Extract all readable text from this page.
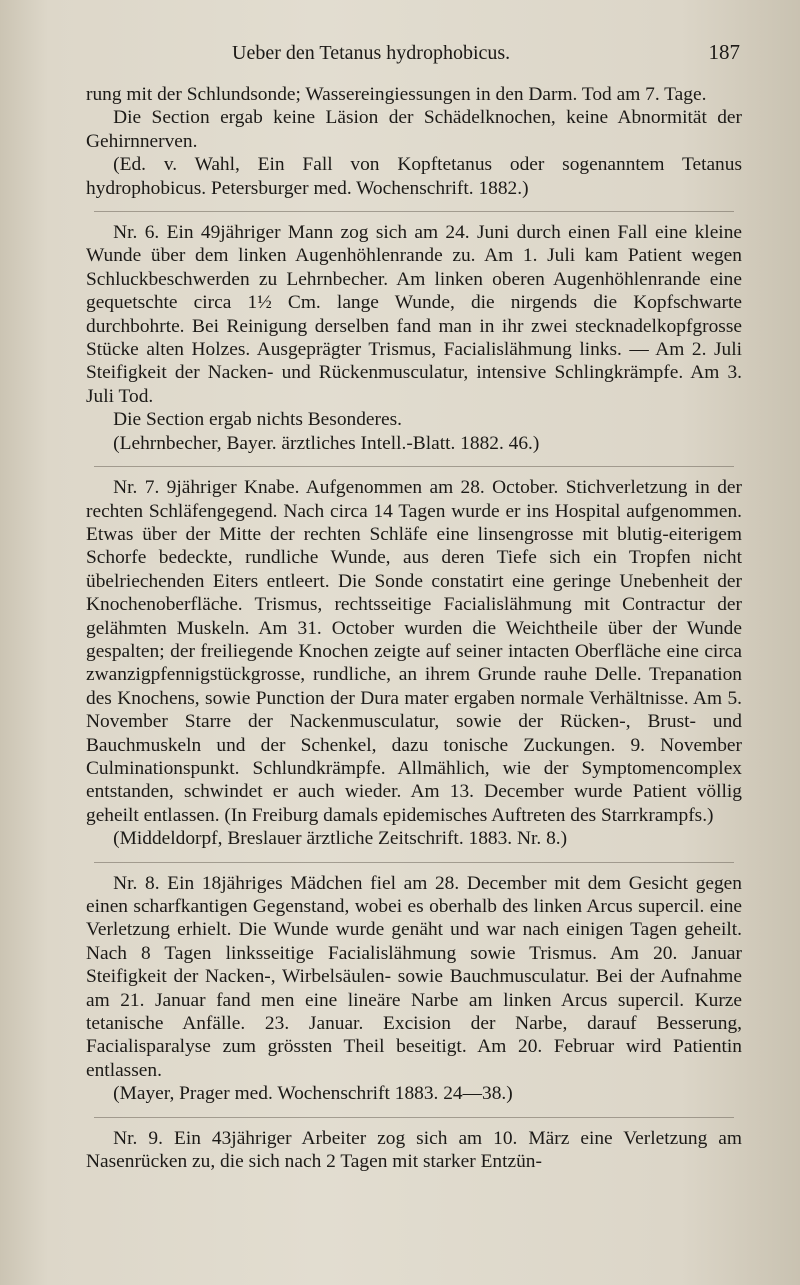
Ueber den Tetanus hydrophobicus.	187

rung mit der Schlundsonde; Wassereingiessungen in den Darm. Tod am 7. Tage.

Die Section ergab keine Läsion der Schädelknochen, keine Abnormität der Gehirnnerven.

(Ed. v. Wahl, Ein Fall von Kopftetanus oder sogenanntem Tetanus hydrophobicus. Petersburger med. Wochenschrift. 1882.)

Nr. 6. Ein 49jähriger Mann zog sich am 24. Juni durch einen Fall eine kleine Wunde über dem linken Augenhöhlenrande zu. Am 1. Juli kam Patient wegen Schluckbeschwerden zu Lehrnbecher. Am linken oberen Augenhöhlenrande eine gequetschte circa 1½ Cm. lange Wunde, die nirgends die Kopfschwarte durchbohrte. Bei Reinigung derselben fand man in ihr zwei stecknadelkopfgrosse Stücke alten Holzes. Ausgeprägter Trismus, Facialislähmung links. — Am 2. Juli Steifigkeit der Nacken- und Rückenmusculatur, intensive Schlingkrämpfe. Am 3. Juli Tod.

Die Section ergab nichts Besonderes.

(Lehrnbecher, Bayer. ärztliches Intell.-Blatt. 1882. 46.)

Nr. 7. 9jähriger Knabe. Aufgenommen am 28. October. Stichverletzung in der rechten Schläfengegend. Nach circa 14 Tagen wurde er ins Hospital aufgenommen. Etwas über der Mitte der rechten Schläfe eine linsengrosse mit blutig-eiterigem Schorfe bedeckte, rundliche Wunde, aus deren Tiefe sich ein Tropfen nicht übelriechenden Eiters entleert. Die Sonde constatirt eine geringe Unebenheit der Knochenoberfläche. Trismus, rechtsseitige Facialislähmung mit Contractur der gelähmten Muskeln. Am 31. October wurden die Weichtheile über der Wunde gespalten; der freiliegende Knochen zeigte auf seiner intacten Oberfläche eine circa zwanzigpfennigstückgrosse, rundliche, an ihrem Grunde rauhe Delle. Trepanation des Knochens, sowie Punction der Dura mater ergaben normale Verhältnisse. Am 5. November Starre der Nackenmusculatur, sowie der Rücken-, Brust- und Bauchmuskeln und der Schenkel, dazu tonische Zuckungen. 9. November Culminationspunkt. Schlundkrämpfe. Allmählich, wie der Symptomencomplex entstanden, schwindet er auch wieder. Am 13. December wurde Patient völlig geheilt entlassen. (In Freiburg damals epidemisches Auftreten des Starrkrampfs.)

(Middeldorpf, Breslauer ärztliche Zeitschrift. 1883. Nr. 8.)

Nr. 8. Ein 18jähriges Mädchen fiel am 28. December mit dem Gesicht gegen einen scharfkantigen Gegenstand, wobei es oberhalb des linken Arcus supercil. eine Verletzung erhielt. Die Wunde wurde genäht und war nach einigen Tagen geheilt. Nach 8 Tagen linksseitige Facialislähmung sowie Trismus. Am 20. Januar Steifigkeit der Nacken-, Wirbelsäulen- sowie Bauchmusculatur. Bei der Aufnahme am 21. Januar fand men eine lineäre Narbe am linken Arcus supercil. Kurze tetanische Anfälle. 23. Januar. Excision der Narbe, darauf Besserung, Facialisparalyse zum grössten Theil beseitigt. Am 20. Februar wird Patientin entlassen.

(Mayer, Prager med. Wochenschrift 1883. 24—38.)

Nr. 9. Ein 43jähriger Arbeiter zog sich am 10. März eine Verletzung am Nasenrücken zu, die sich nach 2 Tagen mit starker Entzün-
